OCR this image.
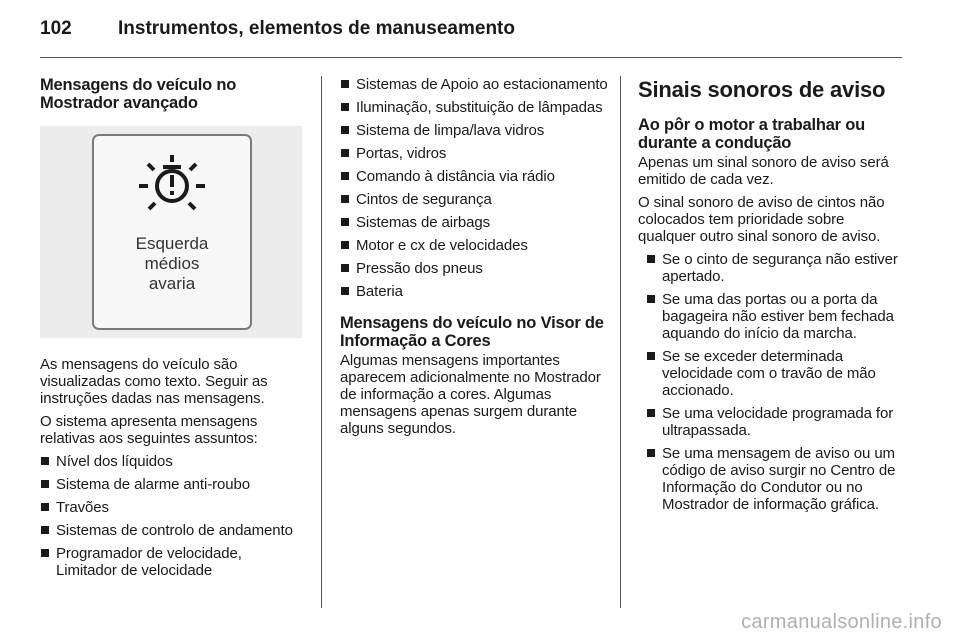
102	Instrumentos, elementos de manuseamento
Mensagens do veículo no Mostrador avançado
Esquerda
médios
avaria

As mensagens do veículo são visualizadas como texto. Seguir as instruções dadas nas mensagens.

O sistema apresenta mensagens relativas aos seguintes assuntos:

Nível dos líquidos
Sistema de alarme anti-roubo
Travões
Sistemas de controlo de andamento
Programador de velocidade, Limitador de velocidade
Sistemas de Apoio ao estacionamento
Iluminação, substituição de lâmpadas
Sistema de limpa/lava vidros
Portas, vidros
Comando à distância via rádio
Cintos de segurança
Sistemas de airbags
Motor e cx de velocidades
Pressão dos pneus
Bateria
Mensagens do veículo no Visor de Informação a Cores

Algumas mensagens importantes aparecem adicionalmente no Mostrador de informação a cores. Algumas mensagens apenas surgem durante alguns segundos.

Sinais sonoros de aviso
Ao pôr o motor a trabalhar ou durante a condução

Apenas um sinal sonoro de aviso será emitido de cada vez.

O sinal sonoro de aviso de cintos não colocados tem prioridade sobre qualquer outro sinal sonoro de aviso.

Se o cinto de segurança não estiver apertado.
Se uma das portas ou a porta da bagageira não estiver bem fechada aquando do início da marcha.
Se se exceder determinada velocidade com o travão de mão accionado.
Se uma velocidade programada for ultrapassada.
Se uma mensagem de aviso ou um código de aviso surgir no Centro de Informação do Condutor ou no Mostrador de informação gráfica.
carmanualsonline.info
